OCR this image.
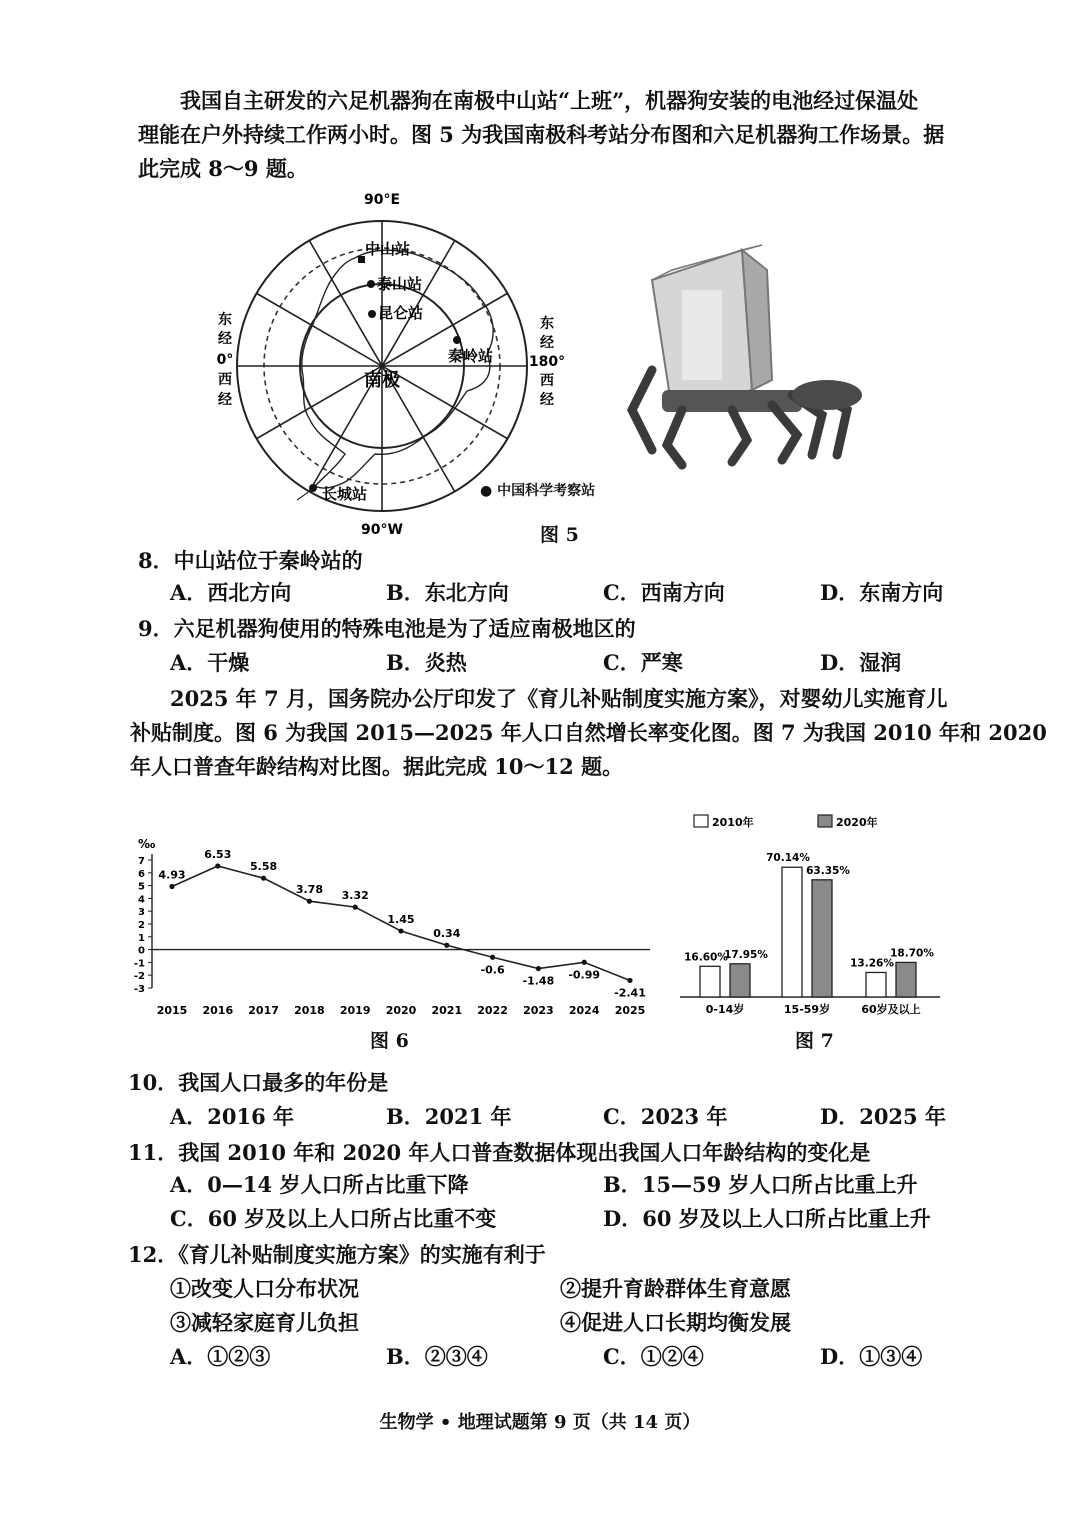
我国自主研发的六足机器狗在南极中山站“上班”，机器狗安装的电池经过保温处
理能在户外持续工作两小时。图 5 为我国南极科考站分布图和六足机器狗工作场景。据
此完成 8～9 题。
90°E
90°W
东
经
0°
西
经
东
经
180°
西
经
中山站
泰山站
昆仑站
秦岭站
长城站
南极
● 中国科学考察站
图 5
8．中山站位于秦岭站的
A．西北方向	B．东北方向	C．西南方向	D．东南方向
9．六足机器狗使用的特殊电池是为了适应南极地区的
A．干燥	B．炎热	C．严寒	D．湿润
2025 年 7 月，国务院办公厅印发了《育儿补贴制度实施方案》，对婴幼儿实施育儿
补贴制度。图 6 为我国 2015—2025 年人口自然增长率变化图。图 7 为我国 2010 年和 2020
年人口普查年龄结构对比图。据此完成 10～12 题。
‰
7
6
5
4
3
2
1
0
-1
-2
-3
4.93
2015
6.53
2016
5.58
2017
3.78
2018
3.32
2019
1.45
2020
0.34
2021
-0.6
2022
-1.48
2023
-0.99
2024
-2.41
2025
图 6
2010年	2020年
16.60%
17.95%
0-14岁
70.14%
63.35%
15-59岁
13.26%
18.70%
60岁及以上
图 7
10．我国人口最多的年份是
A．2016 年	B．2021 年	C．2023 年	D．2025 年
11．我国 2010 年和 2020 年人口普查数据体现出我国人口年龄结构的变化是
A．0—14 岁人口所占比重下降	B．15—59 岁人口所占比重上升
C．60 岁及以上人口所占比重不变	D．60 岁及以上人口所占比重上升
12．《育儿补贴制度实施方案》的实施有利于
①改变人口分布状况	②提升育龄群体生育意愿
③减轻家庭育儿负担	④促进人口长期均衡发展
A．①②③	B．②③④	C．①②④	D．①③④
生物学 • 地理试题第 9 页（共 14 页）
